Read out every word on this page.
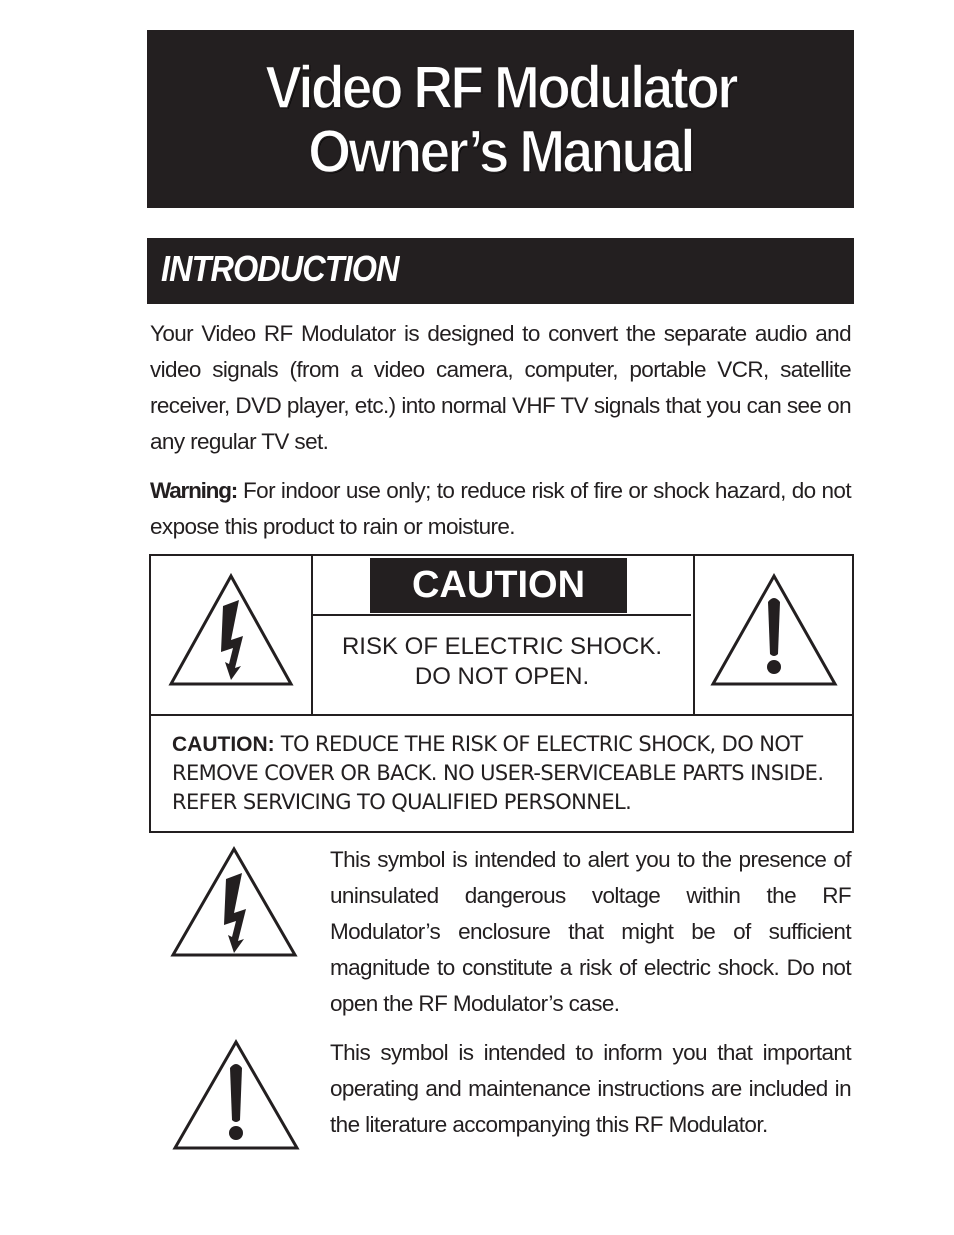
Video RF Modulator
Owner’s Manual
INTRODUCTION

Your Video RF Modulator is designed to convert the separate audio and video signals (from a video camera, computer, portable VCR, satellite receiver, DVD player, etc.) into normal VHF TV signals that you can see on any regular TV set.

Warning: For indoor use only; to reduce risk of fire or shock hazard, do not expose this product to rain or moisture.

CAUTION
RISK OF ELECTRIC SHOCK.
DO NOT OPEN.
CAUTION: TO REDUCE THE RISK OF ELECTRIC SHOCK, DO NOT
REMOVE COVER OR BACK. NO USER-SERVICEABLE PARTS INSIDE.
REFER SERVICING TO QUALIFIED PERSONNEL.

This symbol is intended to alert you to the presence of uninsulated dangerous voltage within the RF Modulator’s enclosure that might be of sufficient magnitude to constitute a risk of electric shock. Do not open the RF Modulator’s case.

This symbol is intended to inform you that important operating and maintenance instructions are included in the literature accompanying this RF Modulator.
